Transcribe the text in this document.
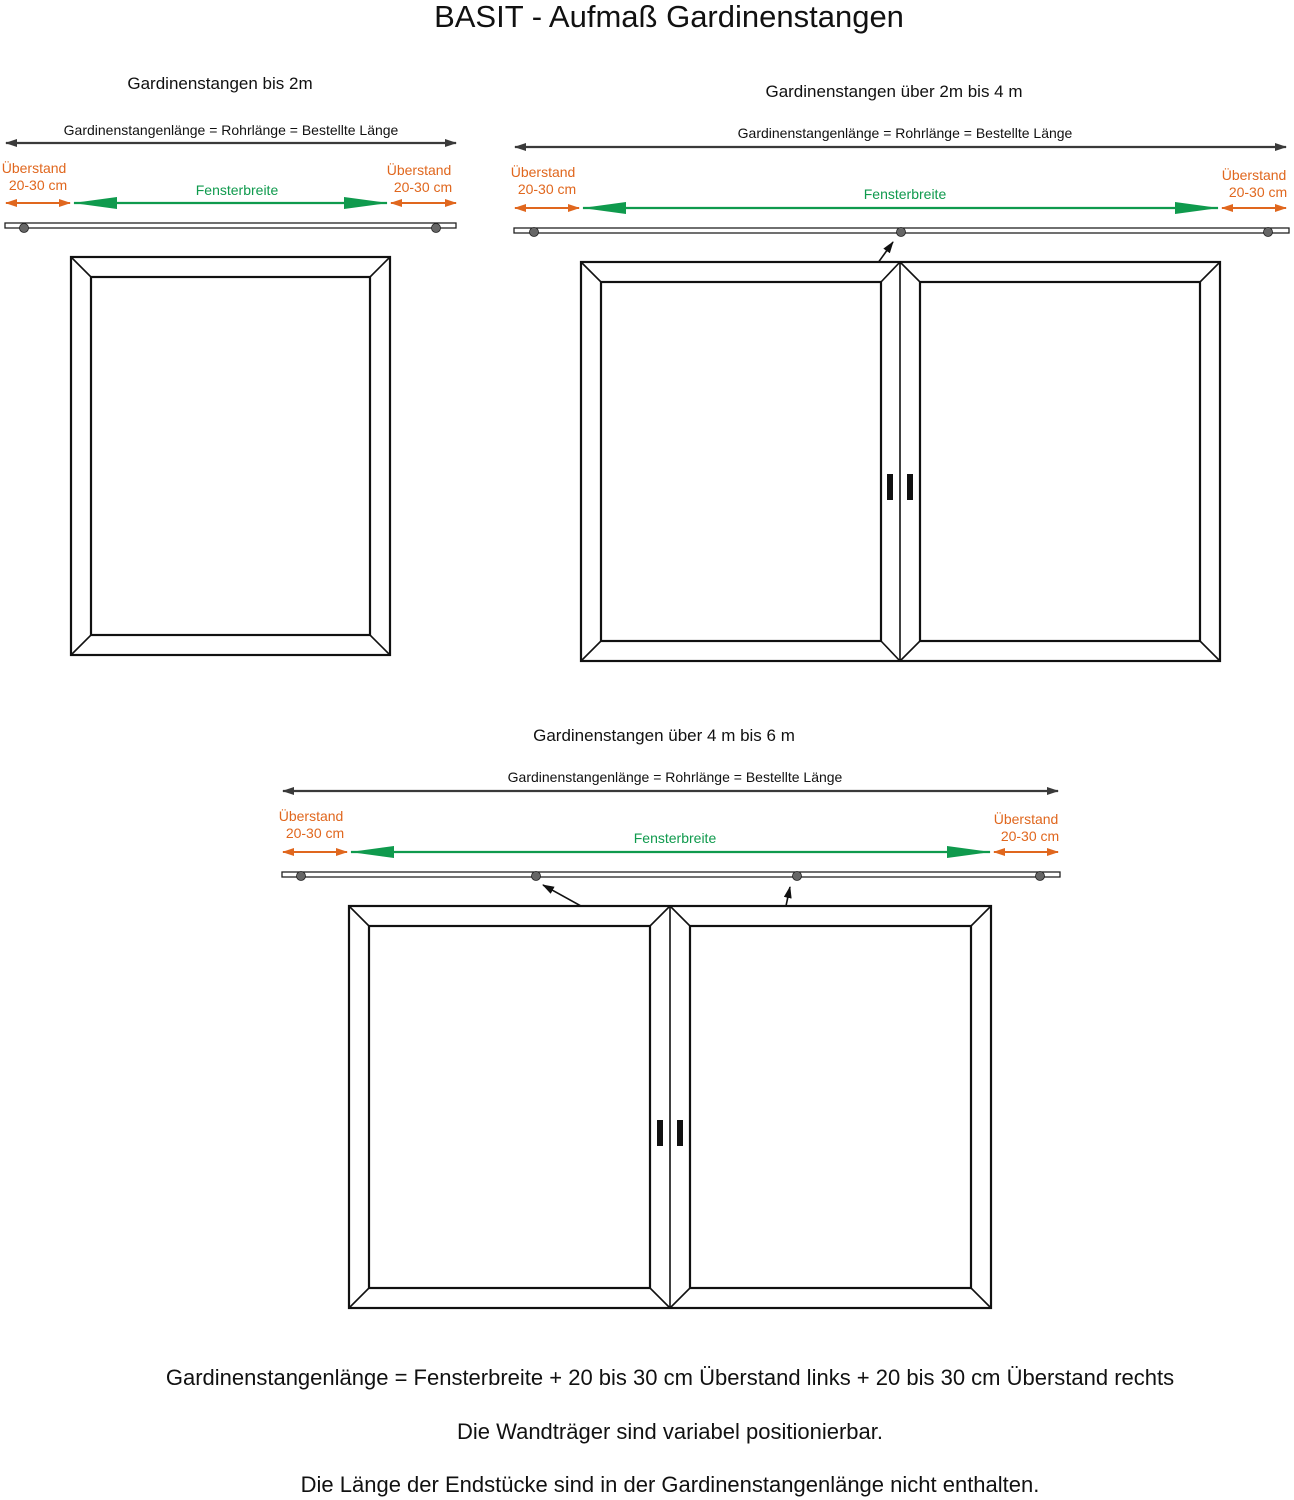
BASIT - Aufmaß Gardinenstangen
Gardinenstangen bis 2m
Gardinenstangenlänge = Rohrlänge = Bestellte Länge
Überstand 20-30 cm
Überstand 20-30 cm
Fensterbreite
Gardinenstangen über 2m bis 4 m
Gardinenstangenlänge = Rohrlänge = Bestellte Länge
Überstand 20-30 cm
Überstand 20-30 cm
Fensterbreite
Gardinenstangen über 4 m bis 6 m
Gardinenstangenlänge = Rohrlänge = Bestellte Länge
Überstand 20-30 cm
Überstand 20-30 cm
Fensterbreite
Gardinenstangenlänge = Fensterbreite + 20 bis 30 cm Überstand links + 20 bis 30 cm Überstand rechts
Die Wandträger sind variabel positionierbar.
Die Länge der Endstücke sind in der Gardinenstangenlänge nicht enthalten.
